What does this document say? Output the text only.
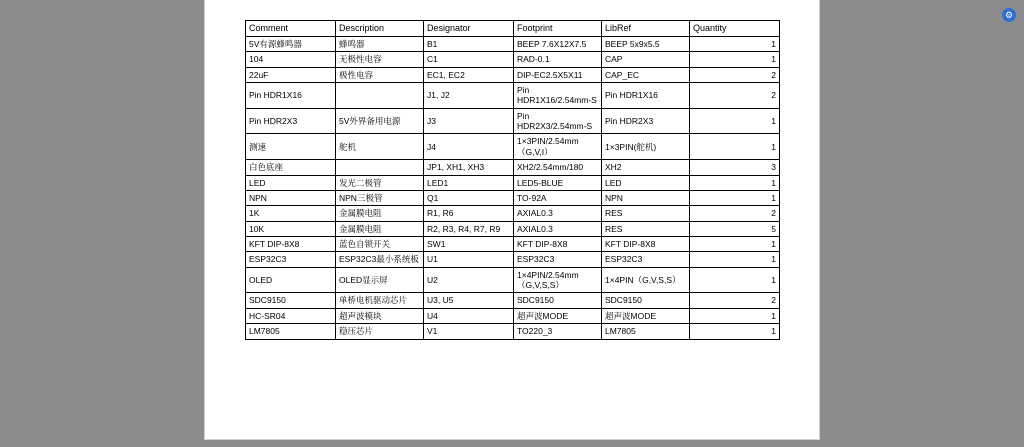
Comment	Description	Designator	Footprint	LibRef	Quantity
5V有源蜂鸣器	蜂鸣器	B1	BEEP 7.6X12X7.5	BEEP 5x9x5.5	1
104	无极性电容	C1	RAD-0.1	CAP	1
22uF	极性电容	EC1, EC2	DIP-EC2.5X5X11	CAP_EC	2
Pin HDR1X16		J1, J2	Pin HDR1X16/2.54mm-S	Pin HDR1X16	2
Pin HDR2X3	5V外界备用电源	J3	Pin HDR2X3/2.54mm-S	Pin HDR2X3	1
测速	舵机	J4	1×3PIN/2.54mm（G,V,I）	1×3PIN(舵机)	1
白色底座		JP1, XH1, XH3	XH2/2.54mm/180	XH2	3
LED	发光二极管	LED1	LED5-BLUE	LED	1
NPN	NPN三极管	Q1	TO-92A	NPN	1
1K	金属膜电阻	R1, R6	AXIAL0.3	RES	2
10K	金属膜电阻	R2, R3, R4, R7, R9	AXIAL0.3	RES	5
KFT DIP-8X8	蓝色自锁开关	SW1	KFT DIP-8X8	KFT DIP-8X8	1
ESP32C3	ESP32C3最小系统板	U1	ESP32C3	ESP32C3	1
OLED	OLED显示屏	U2	1×4PIN/2.54mm（G,V,S,S）	1×4PIN（G,V,S,S）	1
SDC9150	单桥电机驱动芯片	U3, U5	SDC9150	SDC9150	2
HC-SR04	超声波模块	U4	超声波MODE	超声波MODE	1
LM7805	稳压芯片	V1	TO220_3	LM7805	1
⚙
